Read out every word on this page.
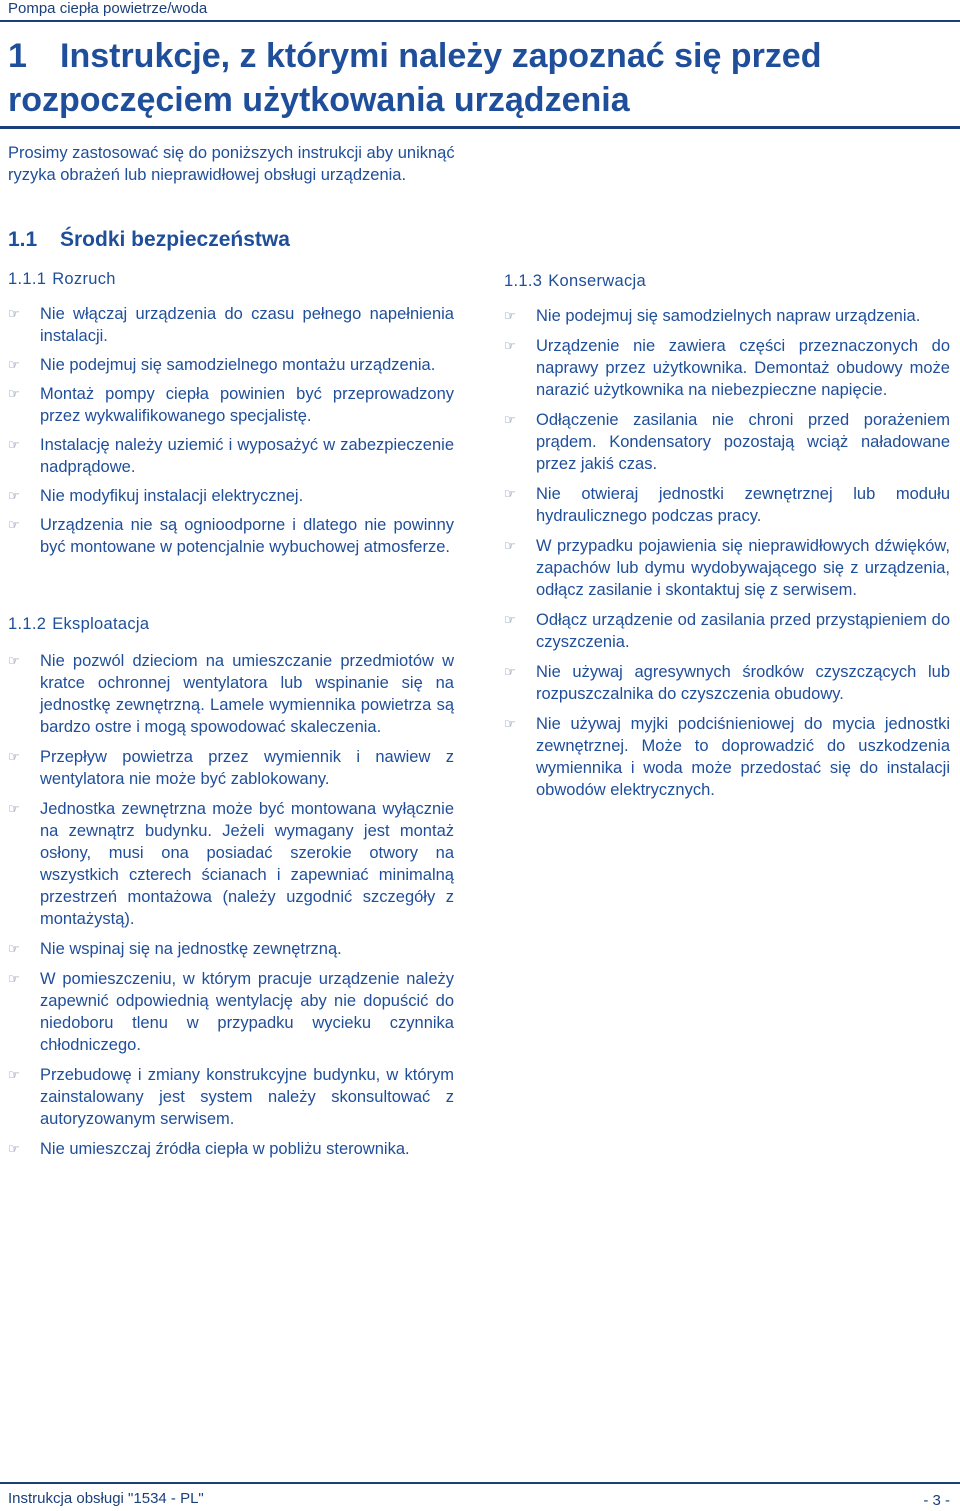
Pompa ciepła powietrze/woda
1 Instrukcje, z którymi należy zapoznać się przed rozpoczęciem użytkowania urządzenia
Prosimy zastosować się do poniższych instrukcji aby uniknąć ryzyka obrażeń lub nieprawidłowej obsługi urządzenia.
1.1 Środki bezpieczeństwa
1.1.1 Rozruch
☞	Nie włączaj urządzenia do czasu pełnego napełnienia instalacji.
☞	Nie podejmuj się samodzielnego montażu urządzenia.
☞	Montaż pompy ciepła powinien być przeprowadzony przez wykwalifikowanego specjalistę.
☞	Instalację należy uziemić i wyposażyć w zabezpieczenie nadprądowe.
☞	Nie modyfikuj instalacji elektrycznej.
☞	Urządzenia nie są ognioodporne i dlatego nie powinny być montowane w potencjalnie wybuchowej atmosferze.
1.1.2 Eksploatacja
☞	Nie pozwól dzieciom na umieszczanie przedmiotów w kratce ochronnej wentylatora lub wspinanie się na jednostkę zewnętrzną. Lamele wymiennika powietrza są bardzo ostre i mogą spowodować skaleczenia.
☞	Przepływ powietrza przez wymiennik i nawiew z wentylatora nie może być zablokowany.
☞	Jednostka zewnętrzna może być montowana wyłącznie na zewnątrz budynku. Jeżeli wymagany jest montaż osłony, musi ona posiadać szerokie otwory na wszystkich czterech ścianach i zapewniać minimalną przestrzeń montażowa (należy uzgodnić szczegóły z montażystą).
☞	Nie wspinaj się na jednostkę zewnętrzną.
☞	W pomieszczeniu, w którym pracuje urządzenie należy zapewnić odpowiednią wentylację aby nie dopuścić do niedoboru tlenu w przypadku wycieku czynnika chłodniczego.
☞	Przebudowę i zmiany konstrukcyjne budynku, w którym zainstalowany jest system należy skonsultować z autoryzowanym serwisem.
☞	Nie umieszczaj źródła ciepła w pobliżu sterownika.
1.1.3 Konserwacja
☞	Nie podejmuj się samodzielnych napraw urządzenia.
☞	Urządzenie nie zawiera części przeznaczonych do naprawy przez użytkownika. Demontaż obudowy może narazić użytkownika na niebezpieczne napięcie.
☞	Odłączenie zasilania nie chroni przed porażeniem prądem. Kondensatory pozostają wciąż naładowane przez jakiś czas.
☞	Nie otwieraj jednostki zewnętrznej lub modułu hydraulicznego podczas pracy.
☞	W przypadku pojawienia się nieprawidłowych dźwięków, zapachów lub dymu wydobywającego się z urządzenia, odłącz zasilanie i skontaktuj się z serwisem.
☞	Odłącz urządzenie od zasilania przed przystąpieniem do czyszczenia.
☞	Nie używaj agresywnych środków czyszczących lub rozpuszczalnika do czyszczenia obudowy.
☞	Nie używaj myjki podciśnieniowej do mycia jednostki zewnętrznej. Może to doprowadzić do uszkodzenia wymiennika i woda może przedostać się do instalacji obwodów elektrycznych.
Instrukcja obsługi "1534 - PL"	- 3 -
